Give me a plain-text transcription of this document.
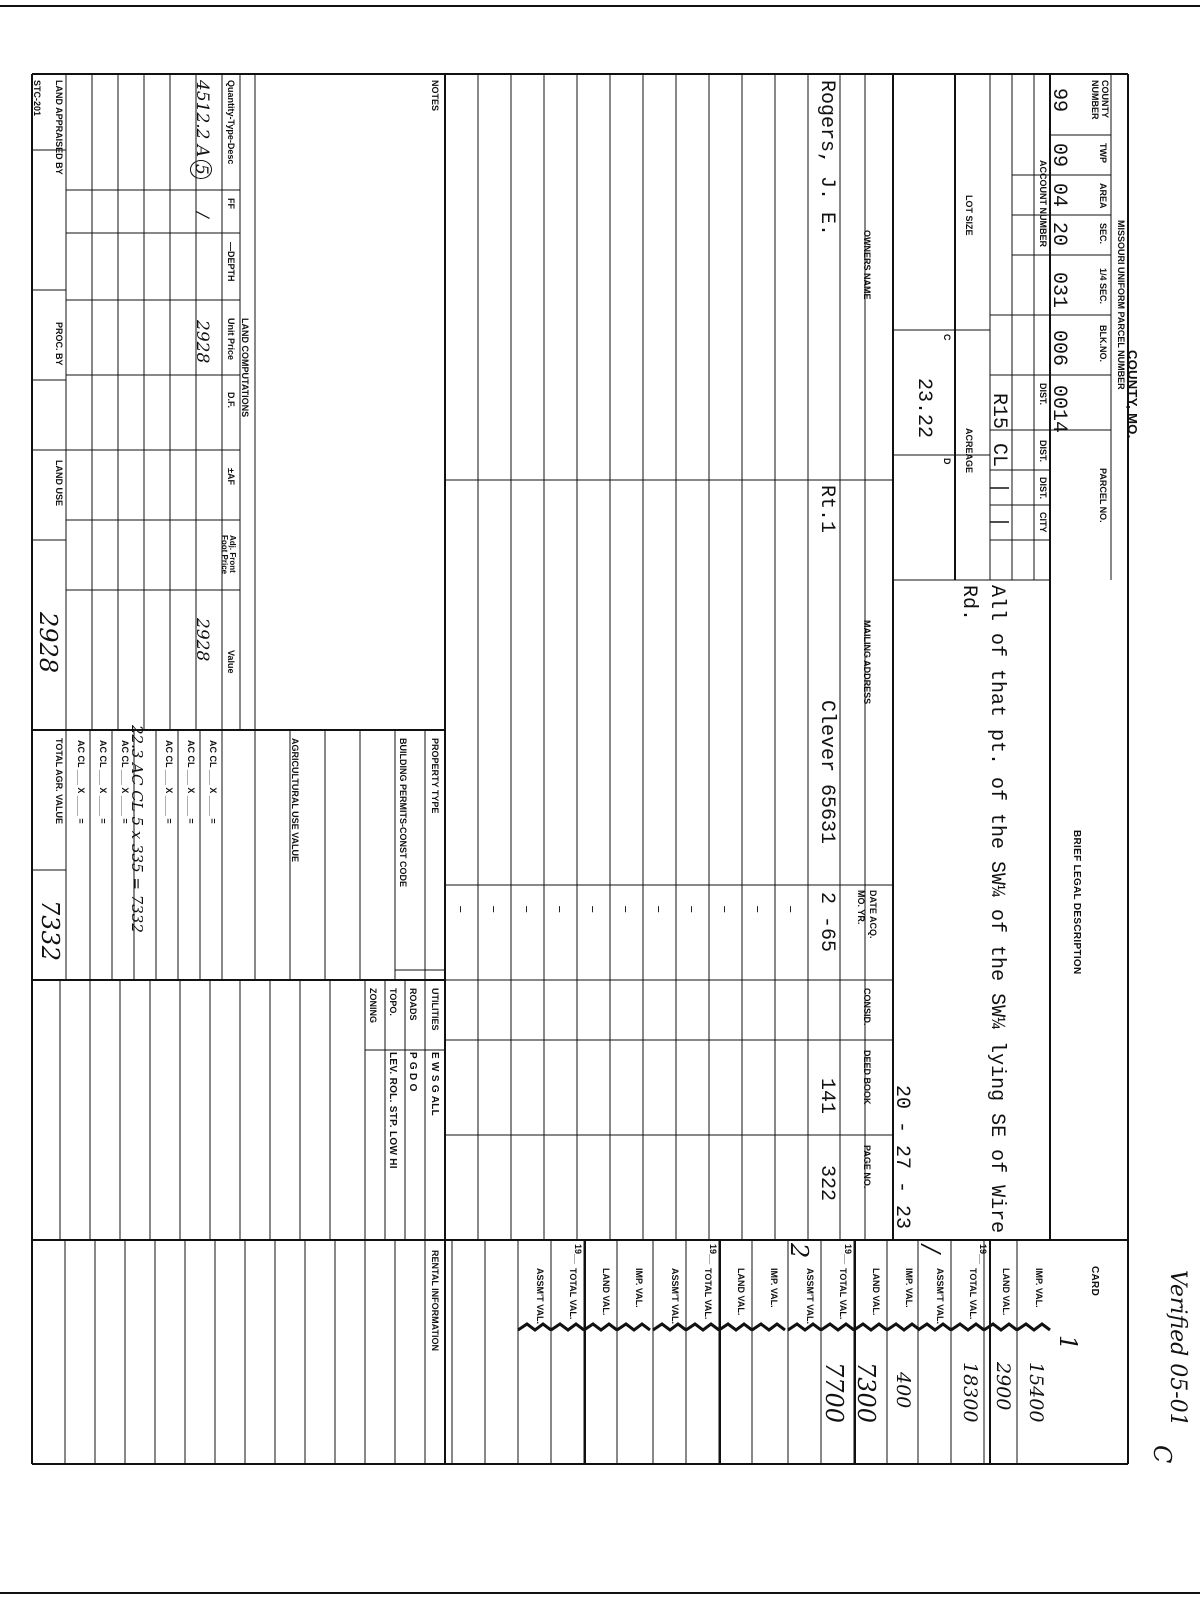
COUNTY, MO.
MISSOURI UNIFORM PARCEL NUMBER
COUNTY NUMBER
TWP
AREA
SEC.
1/4 SEC.
BLK.NO.
PARCEL NO.
99
09
04
20
031
006
0014
ACCOUNT NUMBER
DIST.
DIST.
DIST.
CITY
R15
CL
|
|
LOT SIZE
ACREAGE
C
D
23.22
BRIEF LEGAL DESCRIPTION
All of that pt. of the SW¼ of the SW¼ lying SE of Wire
Rd.
20 - 27 - 23
CARD
1
OWNERS NAME
MAILING ADDRESS
DATE ACQ.
MO. YR.
CONSID.
DEED BOOK
PAGE NO.
Rogers, J. E.
Rt.1
Clever 65631
2 -65
141
322
–
–
–
–
–
–
–
–
–
–
–
19__
19__
19__
19__
IMP. VAL.
LAND VAL.
TOTAL VAL.
ASSM'T VAL.
IMP. VAL.
LAND VAL.
TOTAL VAL.
ASSM'T VAL.
IMP. VAL.
LAND VAL.
TOTAL VAL.
ASSM'T VAL.
IMP. VAL.
LAND VAL.
TOTAL VAL.
ASSM'T VAL.
15400
2900
18300
/
400
7300
7700
2
NOTES
LAND COMPUTATIONS
Quantity-Type-Desc
FF
—DEPTH
Unit Price
D.F.
±AF
Adj. Front Foot Price
Value
4512.2 A
5
/
2928
2928
LAND APPRAISED BY
PROC. BY
LAND USE
2928
STC-201
PROPERTY TYPE
BUILDING PERMITS-CONST CODE
AGRICULTURAL USE VALUE
AC CL ___ X ____ =
AC CL ___ X ____ =
AC CL ___ X ____ =
AC CL ___ X ____ =
AC CL ___ X ____ =
AC CL ___ X ____ =	22.3 AC CL 5 x 335 = 7332
TOTAL AGR. VALUE
7332
UTILITIES
E W S G ALL
ROADS
P G D O
TOPO.
LEV. ROL. STP. LOW HI
ZONING
RENTAL INFORMATION	Verified 05-01
C
